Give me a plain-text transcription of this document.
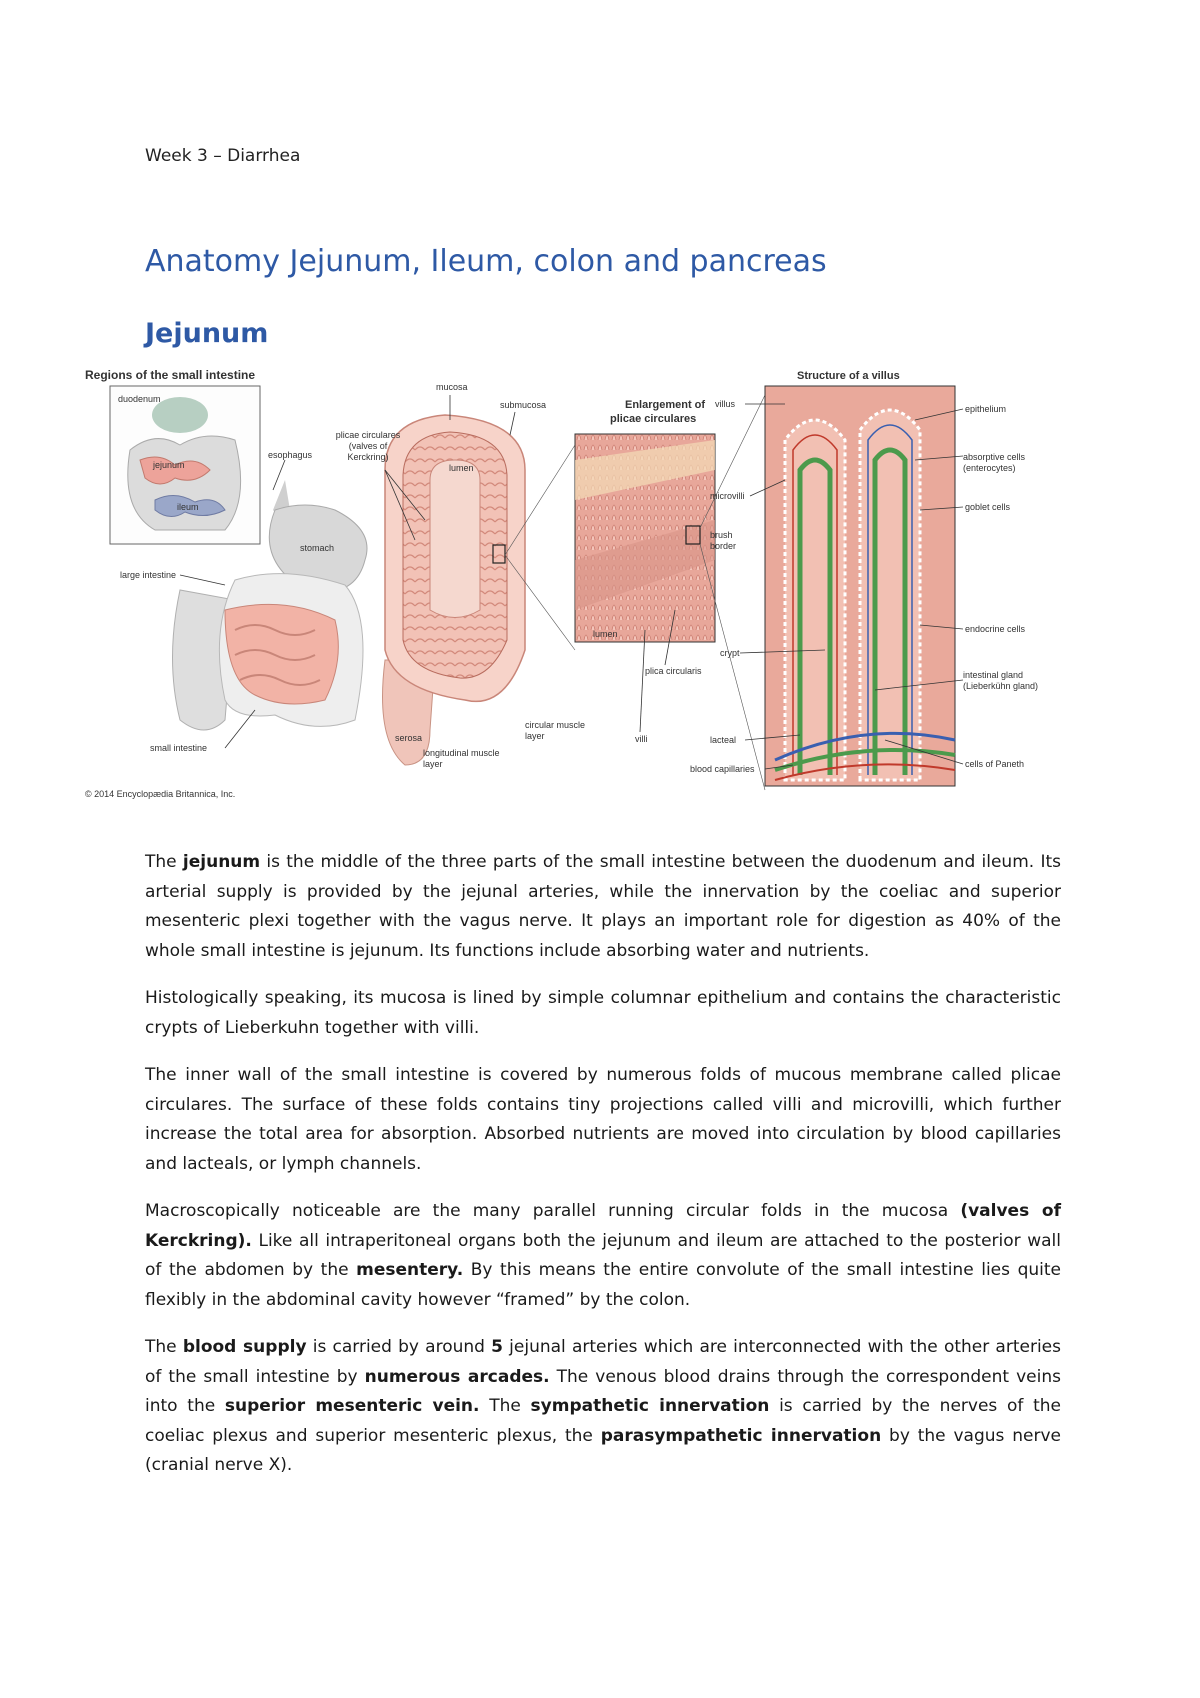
Week 3 – Diarrhea
Anatomy Jejunum, Ileum, colon and pancreas
Jejunum
Regions of the small intestine
duodenum
jejunum
ileum
esophagus
stomach
large intestine
small intestine
mucosa
submucosa
plicae circulares (valves of Kerckring)
lumen
serosa
longitudinal muscle layer
circular muscle layer
Enlargement of
plicae circulares
lumen
plica circularis
villi
Structure of a villus
villus
microvilli
brush border
crypt
lacteal
blood capillaries
epithelium
absorptive cells (enterocytes)
goblet cells
endocrine cells
intestinal gland (Lieberkühn gland)
cells of Paneth
© 2014 Encyclopædia Britannica, Inc.

The jejunum is the middle of the three parts of the small intestine between the duodenum and ileum. Its arterial supply is provided by the jejunal arteries, while the innervation by the coeliac and superior mesenteric plexi together with the vagus nerve. It plays an important role for digestion as 40% of the whole small intestine is jejunum. Its functions include absorbing water and nutrients.

Histologically speaking, its mucosa is lined by simple columnar epithelium and contains the characteristic crypts of Lieberkuhn together with villi.

The inner wall of the small intestine is covered by numerous folds of mucous membrane called plicae circulares. The surface of these folds contains tiny projections called villi and microvilli, which further increase the total area for absorption. Absorbed nutrients are moved into circulation by blood capillaries and lacteals, or lymph channels.

Macroscopically noticeable are the many parallel running circular folds in the mucosa (valves of Kerckring). Like all intraperitoneal organs both the jejunum and ileum are attached to the posterior wall of the abdomen by the mesentery. By this means the entire convolute of the small intestine lies quite flexibly in the abdominal cavity however “framed” by the colon.

The blood supply is carried by around 5 jejunal arteries which are interconnected with the other arteries of the small intestine by numerous arcades. The venous blood drains through the correspondent veins into the superior mesenteric vein. The sympathetic innervation is carried by the nerves of the coeliac plexus and superior mesenteric plexus, the parasympathetic innervation by the vagus nerve (cranial nerve X).
